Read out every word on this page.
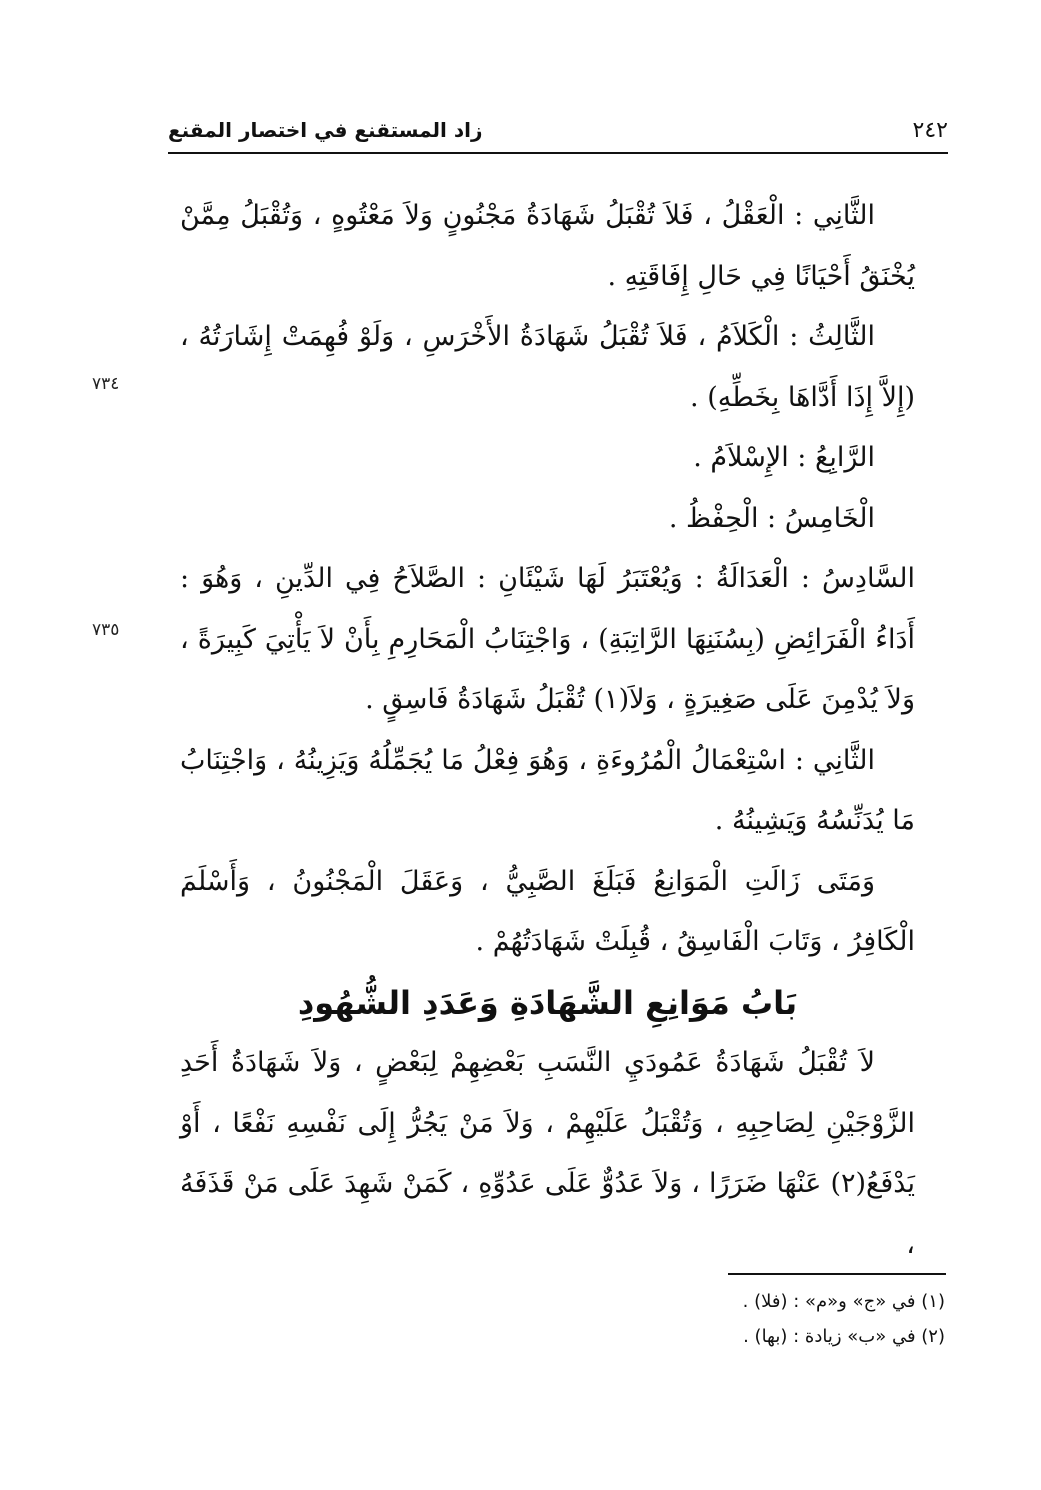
٢٤٢
زاد المستقنع في اختصار المقنع
٧٣٤
٧٣٥

الثَّانِي : الْعَقْلُ ، فَلاَ تُقْبَلُ شَهَادَةُ مَجْنُونٍ وَلاَ مَعْتُوهٍ ، وَتُقْبَلُ مِمَّنْ يُخْنَقُ أَحْيَانًا فِي حَالِ إِفَاقَتِهِ .

الثَّالِثُ : الْكَلاَمُ ، فَلاَ تُقْبَلُ شَهَادَةُ الأَخْرَسِ ، وَلَوْ فُهِمَتْ إِشَارَتُهُ ، (إِلاَّ إِذَا أَدَّاهَا بِخَطِّهِ) .

الرَّابِعُ : الإِسْلاَمُ .

الْخَامِسُ : الْحِفْظُ .

السَّادِسُ : الْعَدَالَةُ : وَيُعْتَبَرُ لَهَا شَيْئَانِ : الصَّلاَحُ فِي الدِّينِ ، وَهُوَ : أَدَاءُ الْفَرَائِضِ (بِسُنَنِهَا الرَّاتِبَةِ) ، وَاجْتِنَابُ الْمَحَارِمِ بِأَنْ لاَ يَأْتِيَ كَبِيرَةً ، وَلاَ يُدْمِنَ عَلَى صَغِيرَةٍ ، وَلاَ(١) تُقْبَلُ شَهَادَةُ فَاسِقٍ .

الثَّانِي : اسْتِعْمَالُ الْمُرُوءَةِ ، وَهُوَ فِعْلُ مَا يُجَمِّلُهُ وَيَزِينُهُ ، وَاجْتِنَابُ مَا يُدَنِّسُهُ وَيَشِينُهُ .

وَمَتَى زَالَتِ الْمَوَانِعُ فَبَلَغَ الصَّبِيُّ ، وَعَقَلَ الْمَجْنُونُ ، وَأَسْلَمَ الْكَافِرُ ، وَتَابَ الْفَاسِقُ ، قُبِلَتْ شَهَادَتُهُمْ .

بَابُ مَوَانِعِ الشَّهَادَةِ وَعَدَدِ الشُّهُودِ

لاَ تُقْبَلُ شَهَادَةُ عَمُودَيِ النَّسَبِ بَعْضِهِمْ لِبَعْضٍ ، وَلاَ شَهَادَةُ أَحَدِ الزَّوْجَيْنِ لِصَاحِبِهِ ، وَتُقْبَلُ عَلَيْهِمْ ، وَلاَ مَنْ يَجُرُّ إِلَى نَفْسِهِ نَفْعًا ، أَوْ يَدْفَعُ(٢) عَنْهَا ضَرَرًا ، وَلاَ عَدُوٌّ عَلَى عَدُوِّهِ ، كَمَنْ شَهِدَ عَلَى مَنْ قَذَفَهُ ،

(١) في «ج» و«م» : (فلا) .

(٢) في «ب» زيادة : (بها) .
